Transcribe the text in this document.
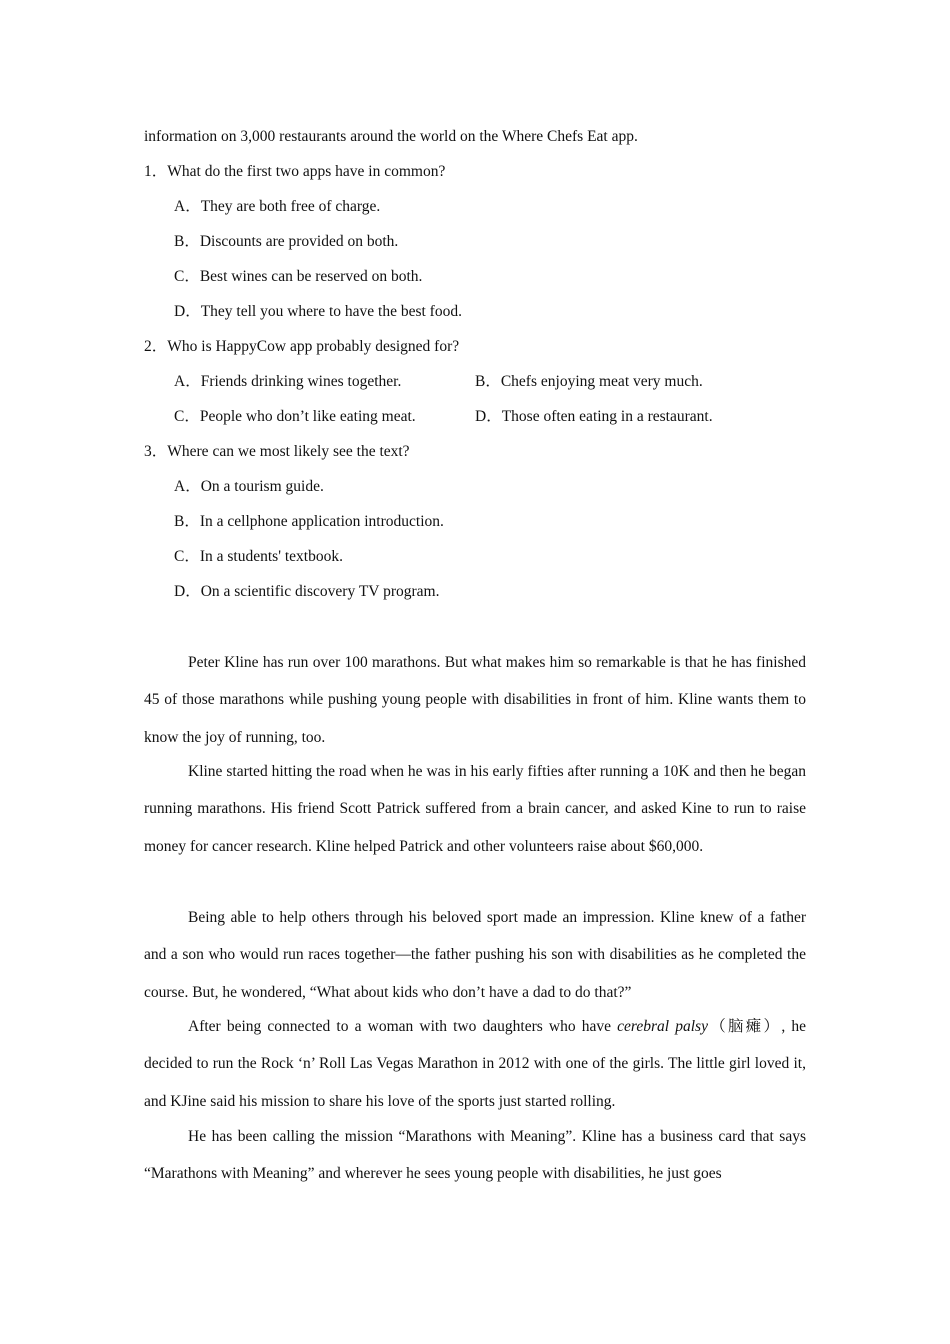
information on 3,000 restaurants around the world on the Where Chefs Eat app.
1．What do the first two apps have in common?
A．They are both free of charge.
B．Discounts are provided on both.
C．Best wines can be reserved on both.
D．They tell you where to have the best food.
2．Who is HappyCow app probably designed for?
A．Friends drinking wines together.	B．Chefs enjoying meat very much.
C．People who don’t like eating meat.	D．Those often eating in a restaurant.
3．Where can we most likely see the text?
A．On a tourism guide.
B．In a cellphone application introduction.
C．In a students' textbook.
D．On a scientific discovery TV program.

Peter Kline has run over 100 marathons. But what makes him so remarkable is that he has finished 45 of those marathons while pushing young people with disabilities in front of him. Kline wants them to know the joy of running, too.

Kline started hitting the road when he was in his early fifties after running a 10K and then he began running marathons. His friend Scott Patrick suffered from a brain cancer, and asked Kine to run to raise money for cancer research. Kline helped Patrick and other volunteers raise about $60,000.

Being able to help others through his beloved sport made an impression. Kline knew of a father and a son who would run races together—the father pushing his son with disabilities as he completed the course. But, he wondered, “What about kids who don’t have a dad to do that?”

After being connected to a woman with two daughters who have cerebral palsy（脑瘫）, he decided to run the Rock ‘n’ Roll Las Vegas Marathon in 2012 with one of the girls. The little girl loved it, and KJine said his mission to share his love of the sports just started rolling.

He has been calling the mission “Marathons with Meaning”. Kline has a business card that says “Marathons with Meaning” and wherever he sees young people with disabilities, he just goes
